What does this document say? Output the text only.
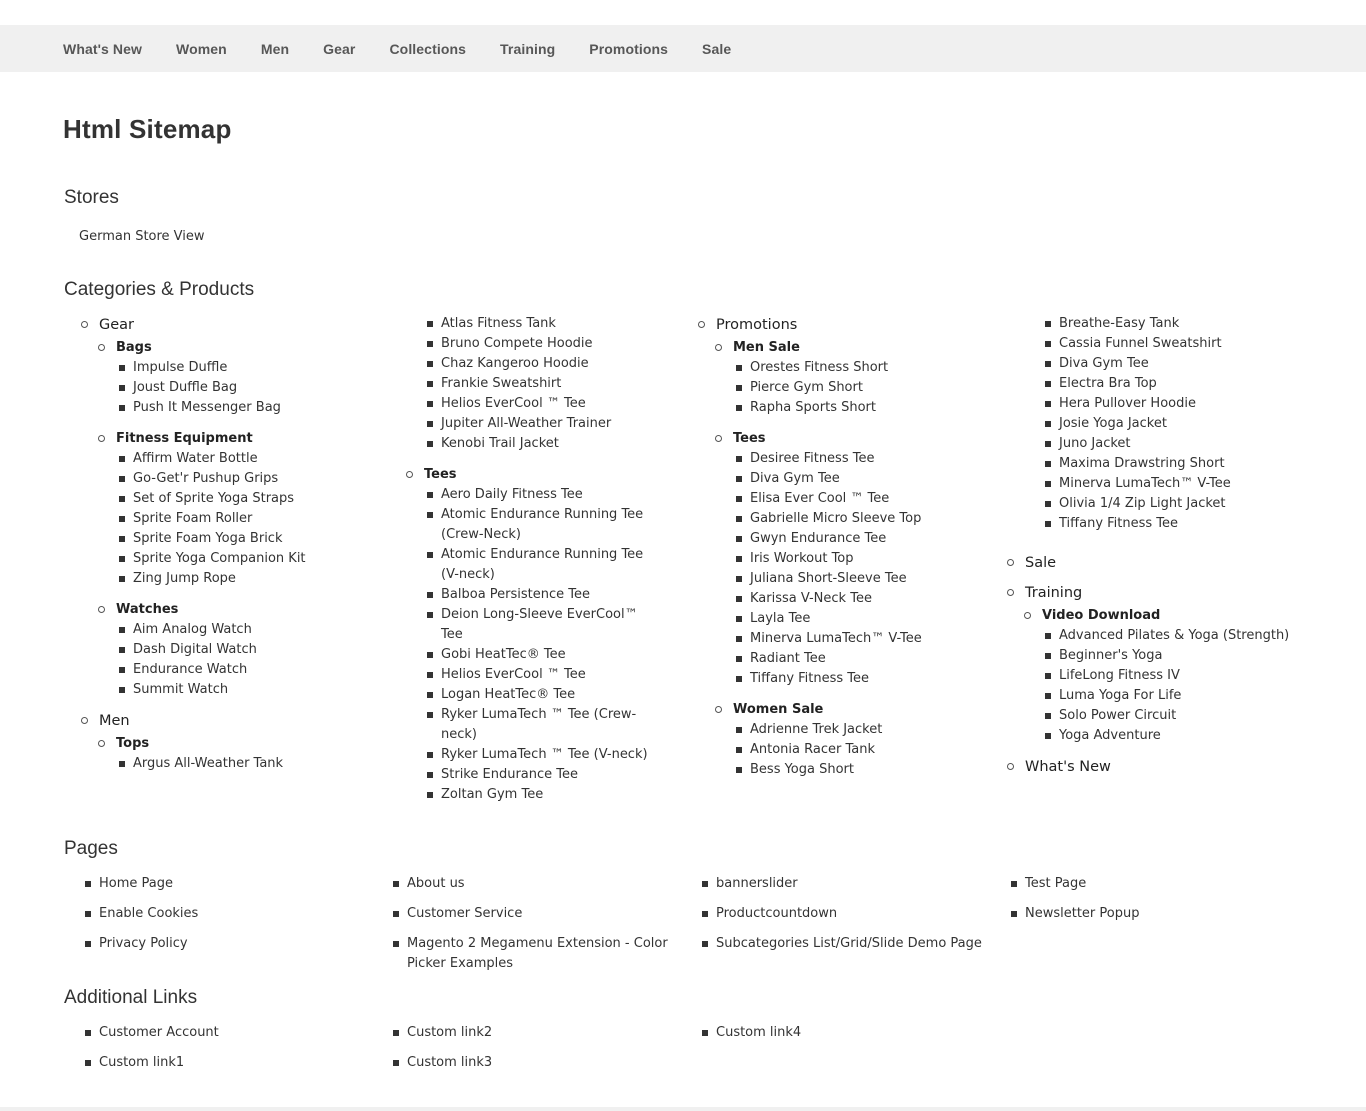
What's New Women Men Gear Collections Training Promotions Sale
Html Sitemap
Stores
German Store View
Categories & Products
Gear
Bags
Impulse Duffle
Joust Duffle Bag
Push It Messenger Bag
Fitness Equipment
Affirm Water Bottle
Go-Get'r Pushup Grips
Set of Sprite Yoga Straps
Sprite Foam Roller
Sprite Foam Yoga Brick
Sprite Yoga Companion Kit
Zing Jump Rope
Watches
Aim Analog Watch
Dash Digital Watch
Endurance Watch
Summit Watch
Men
Tops
Argus All-Weather Tank
Atlas Fitness Tank
Bruno Compete Hoodie
Chaz Kangeroo Hoodie
Frankie Sweatshirt
Helios EverCool ™ Tee
Jupiter All-Weather Trainer
Kenobi Trail Jacket
Tees
Aero Daily Fitness Tee
Atomic Endurance Running Tee (Crew-Neck)
Atomic Endurance Running Tee (V-neck)
Balboa Persistence Tee
Deion Long-Sleeve EverCool™ Tee
Gobi HeatTec® Tee
Helios EverCool ™ Tee
Logan HeatTec® Tee
Ryker LumaTech ™ Tee (Crew-neck)
Ryker LumaTech ™ Tee (V-neck)
Strike Endurance Tee
Zoltan Gym Tee
Promotions
Men Sale
Orestes Fitness Short
Pierce Gym Short
Rapha Sports Short
Tees
Desiree Fitness Tee
Diva Gym Tee
Elisa Ever Cool ™ Tee
Gabrielle Micro Sleeve Top
Gwyn Endurance Tee
Iris Workout Top
Juliana Short-Sleeve Tee
Karissa V-Neck Tee
Layla Tee
Minerva LumaTech™ V-Tee
Radiant Tee
Tiffany Fitness Tee
Women Sale
Adrienne Trek Jacket
Antonia Racer Tank
Bess Yoga Short
Breathe-Easy Tank
Cassia Funnel Sweatshirt
Diva Gym Tee
Electra Bra Top
Hera Pullover Hoodie
Josie Yoga Jacket
Juno Jacket
Maxima Drawstring Short
Minerva LumaTech™ V-Tee
Olivia 1/4 Zip Light Jacket
Tiffany Fitness Tee
Sale
Training
Video Download
Advanced Pilates & Yoga (Strength)
Beginner's Yoga
LifeLong Fitness IV
Luma Yoga For Life
Solo Power Circuit
Yoga Adventure
What's New
Pages
Home Page
Enable Cookies
Privacy Policy
About us
Customer Service
Magento 2 Megamenu Extension - Color Picker Examples
bannerslider
Productcountdown
Subcategories List/Grid/Slide Demo Page
Test Page
Newsletter Popup
Additional Links
Customer Account
Custom link1
Custom link2
Custom link3
Custom link4
